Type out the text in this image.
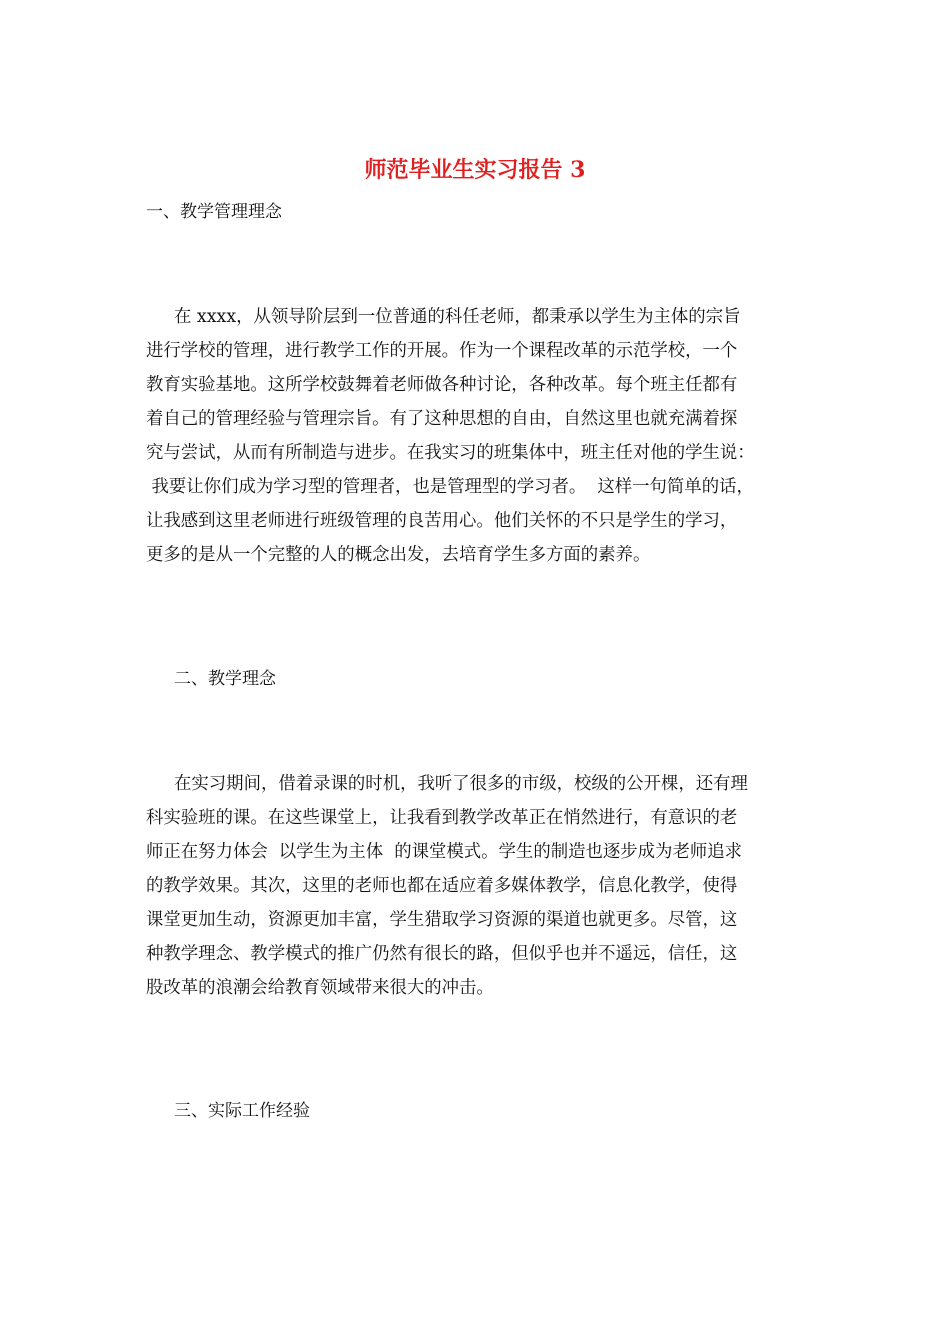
师范毕业生实习报告 3
一、教学管理理念
在 xxxx，从领导阶层到一位普通的科任老师，都秉承以学生为主体的宗旨
进行学校的管理，进行教学工作的开展。作为一个课程改革的示范学校，一个
教育实验基地。这所学校鼓舞着老师做各种讨论，各种改革。每个班主任都有
着自己的管理经验与管理宗旨。有了这种思想的自由，自然这里也就充满着探
究与尝试，从而有所制造与进步。在我实习的班集体中，班主任对他的学生说：
我要让你们成为学习型的管理者，也是管理型的学习者。  这样一句简单的话，
让我感到这里老师进行班级管理的良苦用心。他们关怀的不只是学生的学习，
更多的是从一个完整的人的概念出发，去培育学生多方面的素养。
二、教学理念
在实习期间，借着录课的时机，我听了很多的市级，校级的公开棵，还有理
科实验班的课。在这些课堂上，让我看到教学改革正在悄然进行，有意识的老
师正在努力体会  以学生为主体  的课堂模式。学生的制造也逐步成为老师追求
的教学效果。其次，这里的老师也都在适应着多媒体教学，信息化教学，使得
课堂更加生动，资源更加丰富，学生猎取学习资源的渠道也就更多。尽管，这
种教学理念、教学模式的推广仍然有很长的路，但似乎也并不遥远，信任，这
股改革的浪潮会给教育领域带来很大的冲击。
三、实际工作经验
